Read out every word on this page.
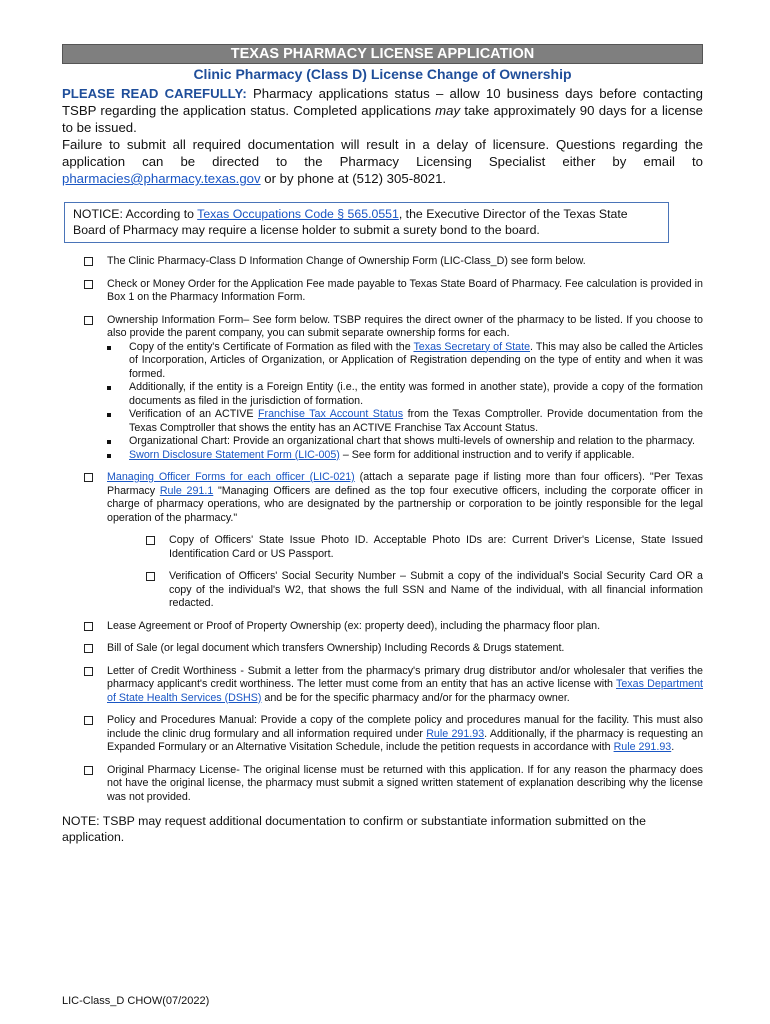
TEXAS PHARMACY LICENSE APPLICATION
Clinic Pharmacy (Class D) License Change of Ownership

PLEASE READ CAREFULLY: Pharmacy applications status – allow 10 business days before contacting TSBP regarding the application status. Completed applications may take approximately 90 days for a license to be issued.

Failure to submit all required documentation will result in a delay of licensure. Questions regarding the application can be directed to the Pharmacy Licensing Specialist either by email to pharmacies@pharmacy.texas.gov or by phone at (512) 305-8021.

NOTICE: According to Texas Occupations Code § 565.0551, the Executive Director of the Texas State Board of Pharmacy may require a license holder to submit a surety bond to the board.
The Clinic Pharmacy-Class D Information Change of Ownership Form (LIC-Class_D) see form below.
Check or Money Order for the Application Fee made payable to Texas State Board of Pharmacy. Fee calculation is provided in Box 1 on the Pharmacy Information Form.

Ownership Information Form– See form below. TSBP requires the direct owner of the pharmacy to be listed. If you choose to also provide the parent company, you can submit separate ownership forms for each.

Copy of the entity's Certificate of Formation as filed with the Texas Secretary of State. This may also be called the Articles of Incorporation, Articles of Organization, or Application of Registration depending on the type of entity and when it was formed.
Additionally, if the entity is a Foreign Entity (i.e., the entity was formed in another state), provide a copy of the formation documents as filed in the jurisdiction of formation.
Verification of an ACTIVE Franchise Tax Account Status from the Texas Comptroller. Provide documentation from the Texas Comptroller that shows the entity has an ACTIVE Franchise Tax Account Status.
Organizational Chart: Provide an organizational chart that shows multi-levels of ownership and relation to the pharmacy.
Sworn Disclosure Statement Form (LIC-005) – See form for additional instruction and to verify if applicable.
Managing Officer Forms for each officer (LIC-021) (attach a separate page if listing more than four officers). "Per Texas Pharmacy Rule 291.1 "Managing Officers are defined as the top four executive officers, including the corporate officer in charge of pharmacy operations, who are designated by the partnership or corporation to be jointly responsible for the legal operation of the pharmacy."
Copy of Officers' State Issue Photo ID. Acceptable Photo IDs are: Current Driver's License, State Issued Identification Card or US Passport.
Verification of Officers' Social Security Number – Submit a copy of the individual's Social Security Card OR a copy of the individual's W2, that shows the full SSN and Name of the individual, with all financial information redacted.
Lease Agreement or Proof of Property Ownership (ex: property deed), including the pharmacy floor plan.
Bill of Sale (or legal document which transfers Ownership) Including Records & Drugs statement.
Letter of Credit Worthiness - Submit a letter from the pharmacy's primary drug distributor and/or wholesaler that verifies the pharmacy applicant's credit worthiness. The letter must come from an entity that has an active license with Texas Department of State Health Services (DSHS) and be for the specific pharmacy and/or for the pharmacy owner.
Policy and Procedures Manual: Provide a copy of the complete policy and procedures manual for the facility. This must also include the clinic drug formulary and all information required under Rule 291.93. Additionally, if the pharmacy is requesting an Expanded Formulary or an Alternative Visitation Schedule, include the petition requests in accordance with Rule 291.93.
Original Pharmacy License- The original license must be returned with this application. If for any reason the pharmacy does not have the original license, the pharmacy must submit a signed written statement of explanation describing why the license was not provided.
NOTE: TSBP may request additional documentation to confirm or substantiate information submitted on the application.
LIC-Class_D CHOW(07/2022)
